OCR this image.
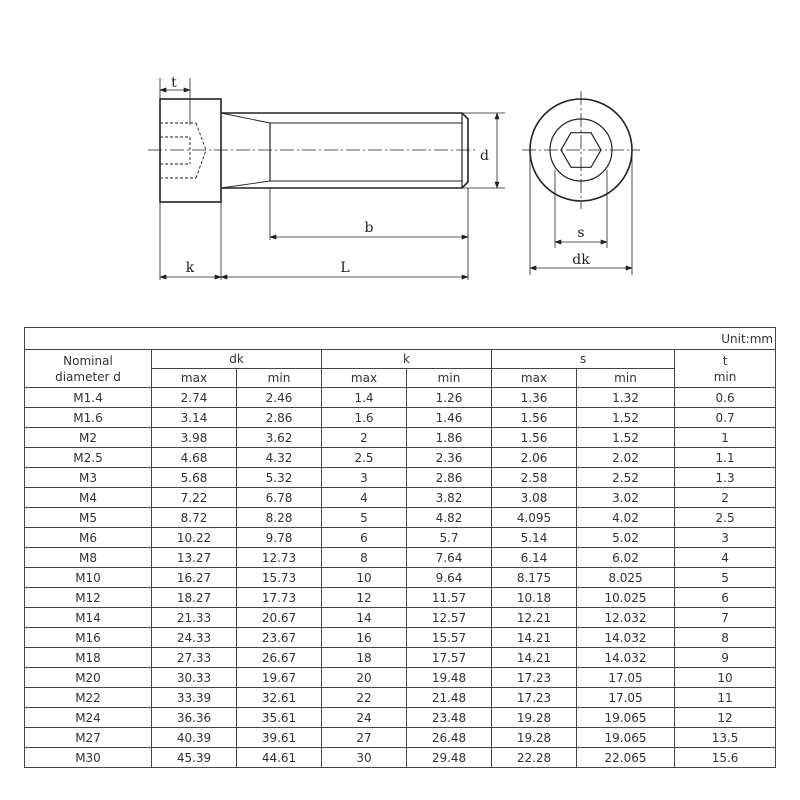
t
d
b
k	L
s
dk
Unit:mm							
Nominal
diameter d	dk		k		s		t
min
	max	min	max	min	max	min	
M1.4	2.74	2.46	1.4	1.26	1.36	1.32	0.6
M1.6	3.14	2.86	1.6	1.46	1.56	1.52	0.7
M2	3.98	3.62	2	1.86	1.56	1.52	1
M2.5	4.68	4.32	2.5	2.36	2.06	2.02	1.1
M3	5.68	5.32	3	2.86	2.58	2.52	1.3
M4	7.22	6.78	4	3.82	3.08	3.02	2
M5	8.72	8.28	5	4.82	4.095	4.02	2.5
M6	10.22	9.78	6	5.7	5.14	5.02	3
M8	13.27	12.73	8	7.64	6.14	6.02	4
M10	16.27	15.73	10	9.64	8.175	8.025	5
M12	18.27	17.73	12	11.57	10.18	10.025	6
M14	21.33	20.67	14	12.57	12.21	12.032	7
M16	24.33	23.67	16	15.57	14.21	14.032	8
M18	27.33	26.67	18	17.57	14.21	14.032	9
M20	30.33	19.67	20	19.48	17.23	17.05	10
M22	33.39	32.61	22	21.48	17.23	17.05	11
M24	36.36	35.61	24	23.48	19.28	19.065	12
M27	40.39	39.61	27	26.48	19.28	19.065	13.5
M30	45.39	44.61	30	29.48	22.28	22.065	15.6
